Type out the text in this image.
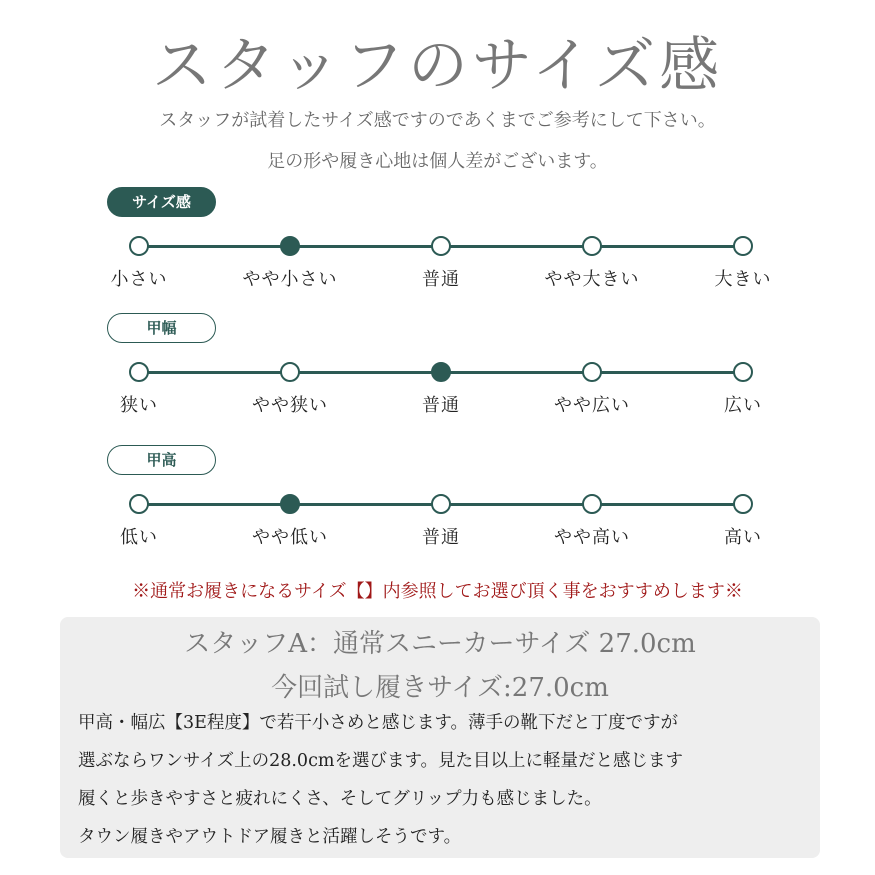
スタッフのサイズ感
スタッフが試着したサイズ感ですのであくまでご参考にして下さい。
足の形や履き心地は個人差がございます。
サイズ感
小さい	やや小さい	普通	やや大きい	大きい
甲幅
狭い	やや狭い	普通	やや広い	広い
甲高
低い	やや低い	普通	やや高い	高い
※通常お履きになるサイズ【】内参照してお選び頂く事をおすすめします※
スタッフA：通常スニーカーサイズ 27.0cm
今回試し履きサイズ:27.0cm
甲高・幅広【3E程度】で若干小さめと感じます。薄手の靴下だと丁度ですが
選ぶならワンサイズ上の28.0cmを選びます。見た目以上に軽量だと感じます
履くと歩きやすさと疲れにくさ、そしてグリップ力も感じました。
タウン履きやアウトドア履きと活躍しそうです。
